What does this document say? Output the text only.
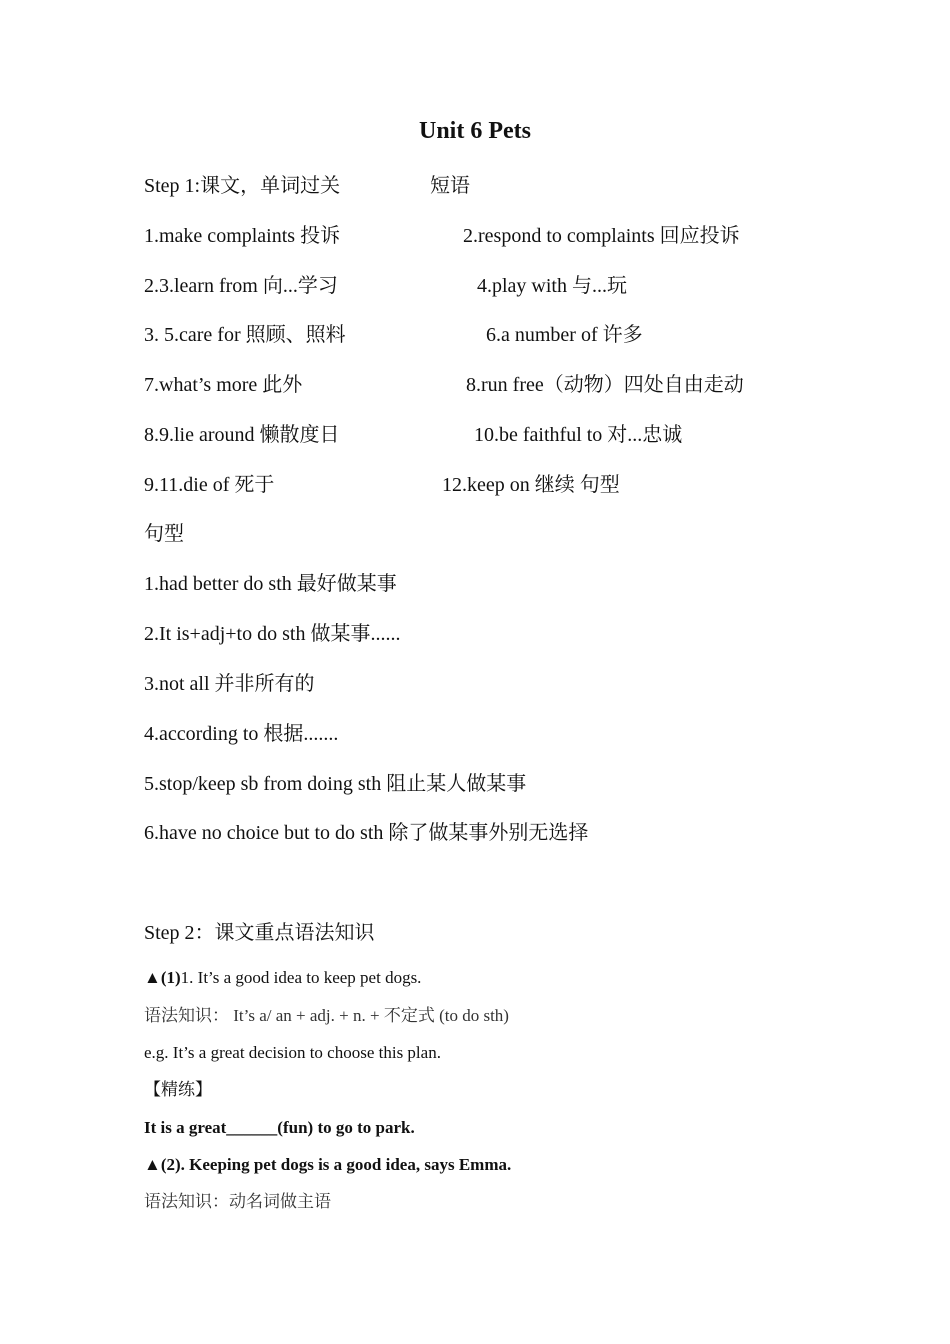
Unit 6 Pets
Step 1:课文，单词过关	短语
1.make complaints 投诉	2.respond to complaints 回应投诉
2.3.learn from 向...学习	4.play with 与...玩
3. 5.care for 照顾、照料	6.a number of 许多
7.what’s more 此外	8.run free（动物）四处自由走动
8.9.lie around 懒散度日	10.be faithful to 对...忠诚
9.11.die of 死于	12.keep on 继续 句型
句型
1.had better do sth 最好做某事
2.It is+adj+to do sth 做某事......
3.not all 并非所有的
4.according to 根据.......
5.stop/keep sb from doing sth 阻止某人做某事
6.have no choice but to do sth 除了做某事外别无选择
Step 2：课文重点语法知识
▲(1)1. It’s a good idea to keep pet dogs.
语法知识： It’s a/ an + adj. + n. + 不定式 (to do sth)
e.g. It’s a great decision to choose this plan.
【精练】
It is a great______(fun) to go to park.
▲(2). Keeping pet dogs is a good idea, says Emma.
语法知识：动名词做主语
